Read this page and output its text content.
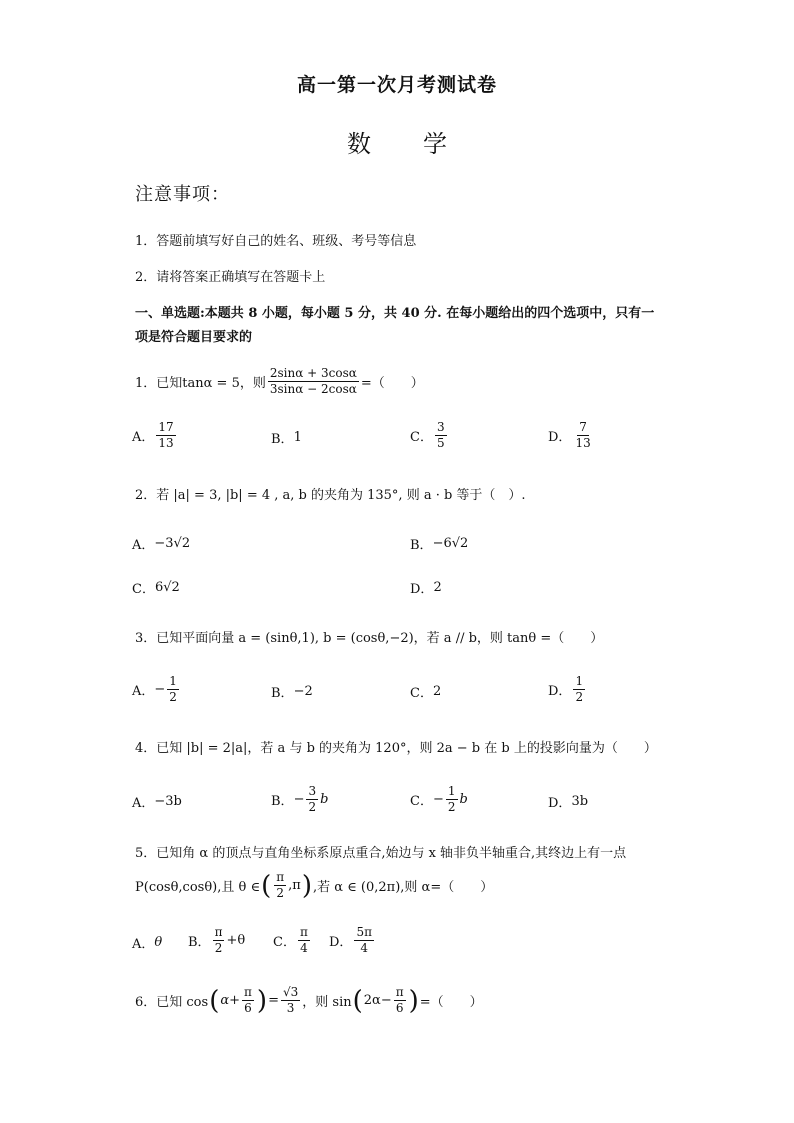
高一第一次月考测试卷
数 学
注意事项：
1．答题前填写好自己的姓名、班级、考号等信息
2．请将答案正确填写在答题卡上
一、单选题:本题共 8 小题，每小题 5 分，共 40 分. 在每小题给出的四个选项中，只有一项是符合题目要求的
1．已知 tanα = 5，则 $\frac{2\sin\alpha + 3\cos\alpha}{3\sin\alpha - 2\cos\alpha}$ =（　　）
A． $\frac{17}{13}$	B． 1	C． $\frac{3}{5}$	D． $\frac{7}{13}$
2．若 |a| = 3, |b| = 4 , a, b 的夹角为 135°, 则 a · b 等于（　）.
A． −3√2	B． −6√2
C． 6√2	D． 2
3．已知平面向量 a = (sinθ,1), b = (cosθ,−2)，若 a // b，则 tanθ =（　　）
A． − $\frac{1}{2}$	B． −2	C． 2	D． $\frac{1}{2}$
4．已知 |b| = 2|a|，若 a 与 b 的夹角为 120°，则 2a − b 在 b 上的投影向量为（　　）
A． −3b	B． − $\frac{3}{2}$ b	C． − $\frac{1}{2}$ b	D． 3b
5．已知角 α 的顶点与直角坐标系原点重合,始边与 x 轴非负半轴重合,其终边上有一点
P(cosθ,cosθ),且 θ ∈ ( $\frac{\pi}{2} ,\pi$ ) ,若 α ∈ (0,2π),则 α=（　　）
A． θ B． $\frac{\pi}{2} +\theta$ C． $\frac{\pi}{4}$ D． $\frac{5\pi}{4}$
6．已知 cos ( $\alpha + \frac{\pi}{6}$ ) = $\frac{√3}{3}$ ，则 sin ( $2\alpha- \frac{\pi}{6}$ ) =（　　）
